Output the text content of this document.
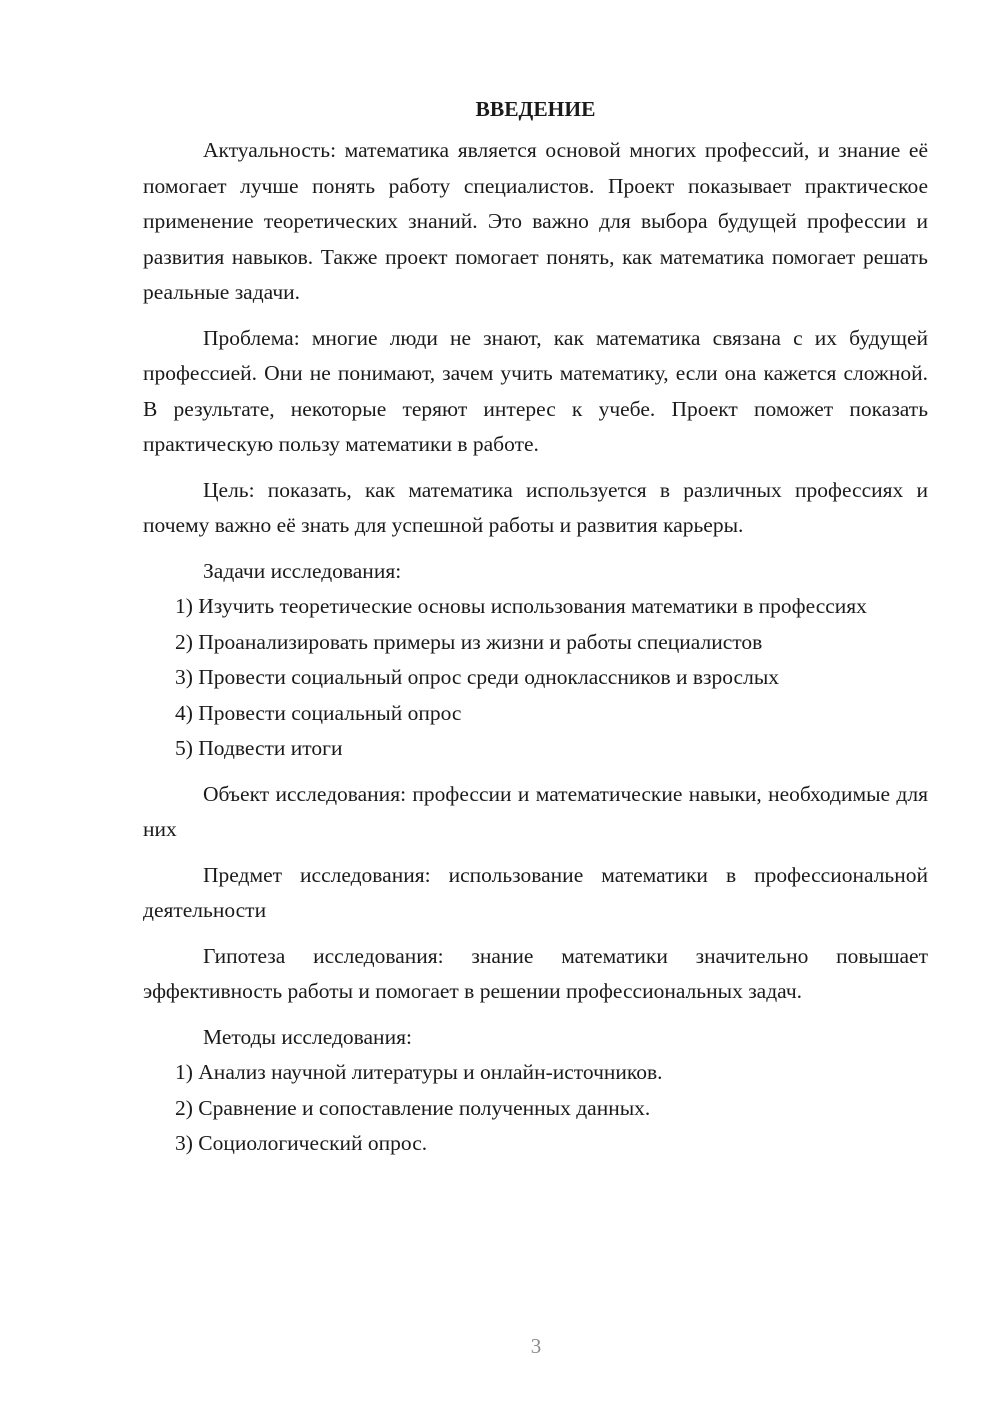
ВВЕДЕНИЕ

Актуальность: математика является основой многих профессий, и знание её помогает лучше понять работу специалистов. Проект показывает практическое применение теоретических знаний. Это важно для выбора будущей профессии и развития навыков. Также проект помогает понять, как математика помогает решать реальные задачи.

Проблема: многие люди не знают, как математика связана с их будущей профессией. Они не понимают, зачем учить математику, если она кажется сложной. В результате, некоторые теряют интерес к учебе. Проект поможет показать практическую пользу математики в работе.

Цель: показать, как математика используется в различных профессиях и почему важно её знать для успешной работы и развития карьеры.

Задачи исследования:

1) Изучить теоретические основы использования математики в профессиях

2) Проанализировать примеры из жизни и работы специалистов

3) Провести социальный опрос среди одноклассников и взрослых

4) Провести социальный опрос

5) Подвести итоги

Объект исследования: профессии и математические навыки, необходимые для них

Предмет исследования: использование математики в профессиональной деятельности

Гипотеза исследования: знание математики значительно повышает эффективность работы и помогает в решении профессиональных задач.

Методы исследования:

1) Анализ научной литературы и онлайн-источников.

2) Сравнение и сопоставление полученных данных.

3) Социологический опрос.

3
